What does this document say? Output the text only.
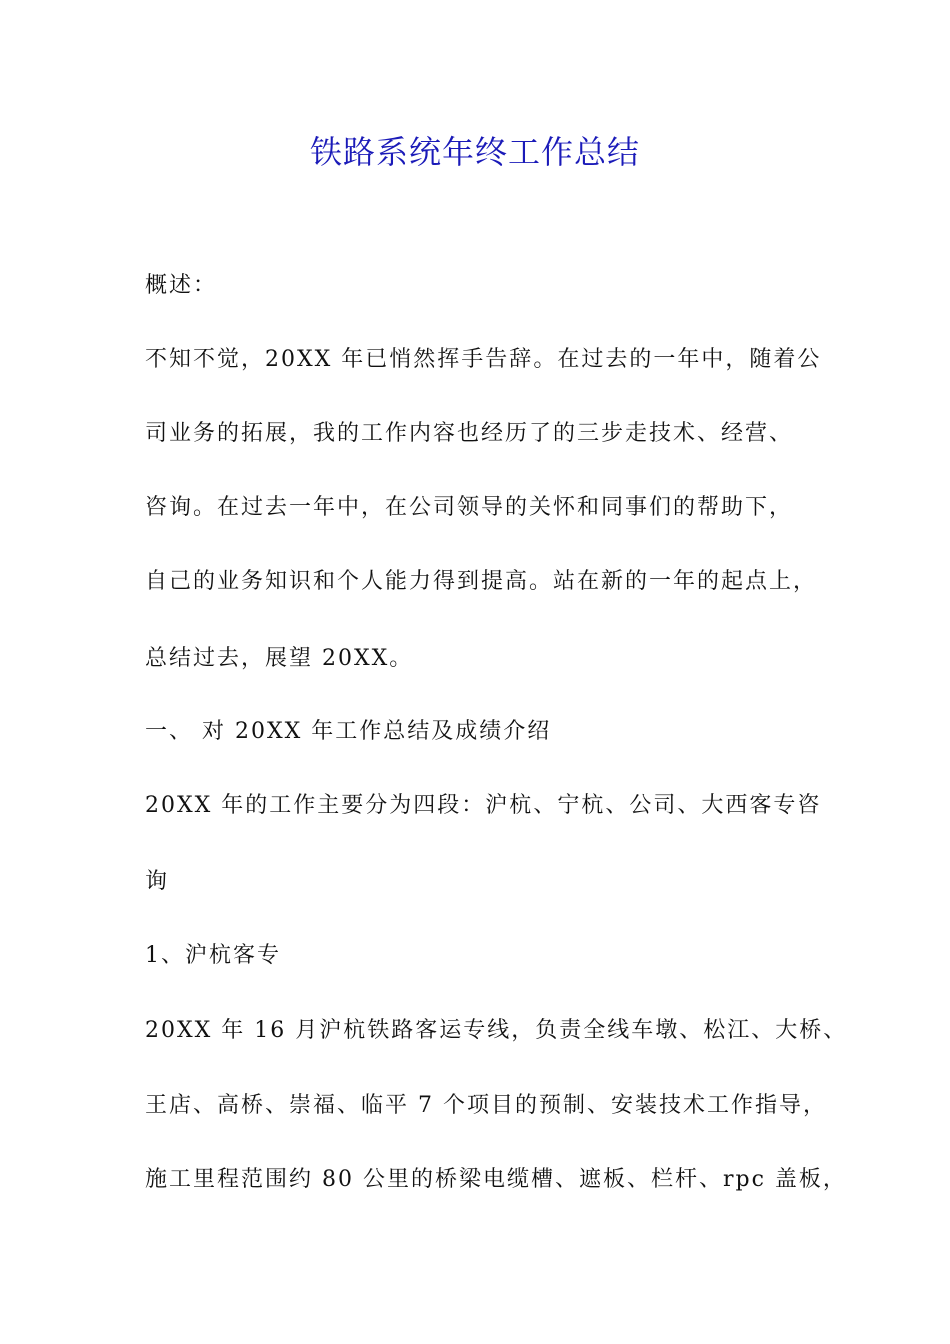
铁路系统年终工作总结

概述：

不知不觉，20XX 年已悄然挥手告辞。在过去的一年中，随着公

司业务的拓展，我的工作内容也经历了的三步走技术、经营、

咨询。在过去一年中，在公司领导的关怀和同事们的帮助下，

自己的业务知识和个人能力得到提高。站在新的一年的起点上，

总结过去，展望 20XX。

一、 对 20XX 年工作总结及成绩介绍

20XX 年的工作主要分为四段：沪杭、宁杭、公司、大西客专咨

询

1、沪杭客专

20XX 年 16 月沪杭铁路客运专线，负责全线车墩、松江、大桥、

王店、高桥、崇福、临平 7 个项目的预制、安装技术工作指导，

施工里程范围约 80 公里的桥梁电缆槽、遮板、栏杆、rpc 盖板，
